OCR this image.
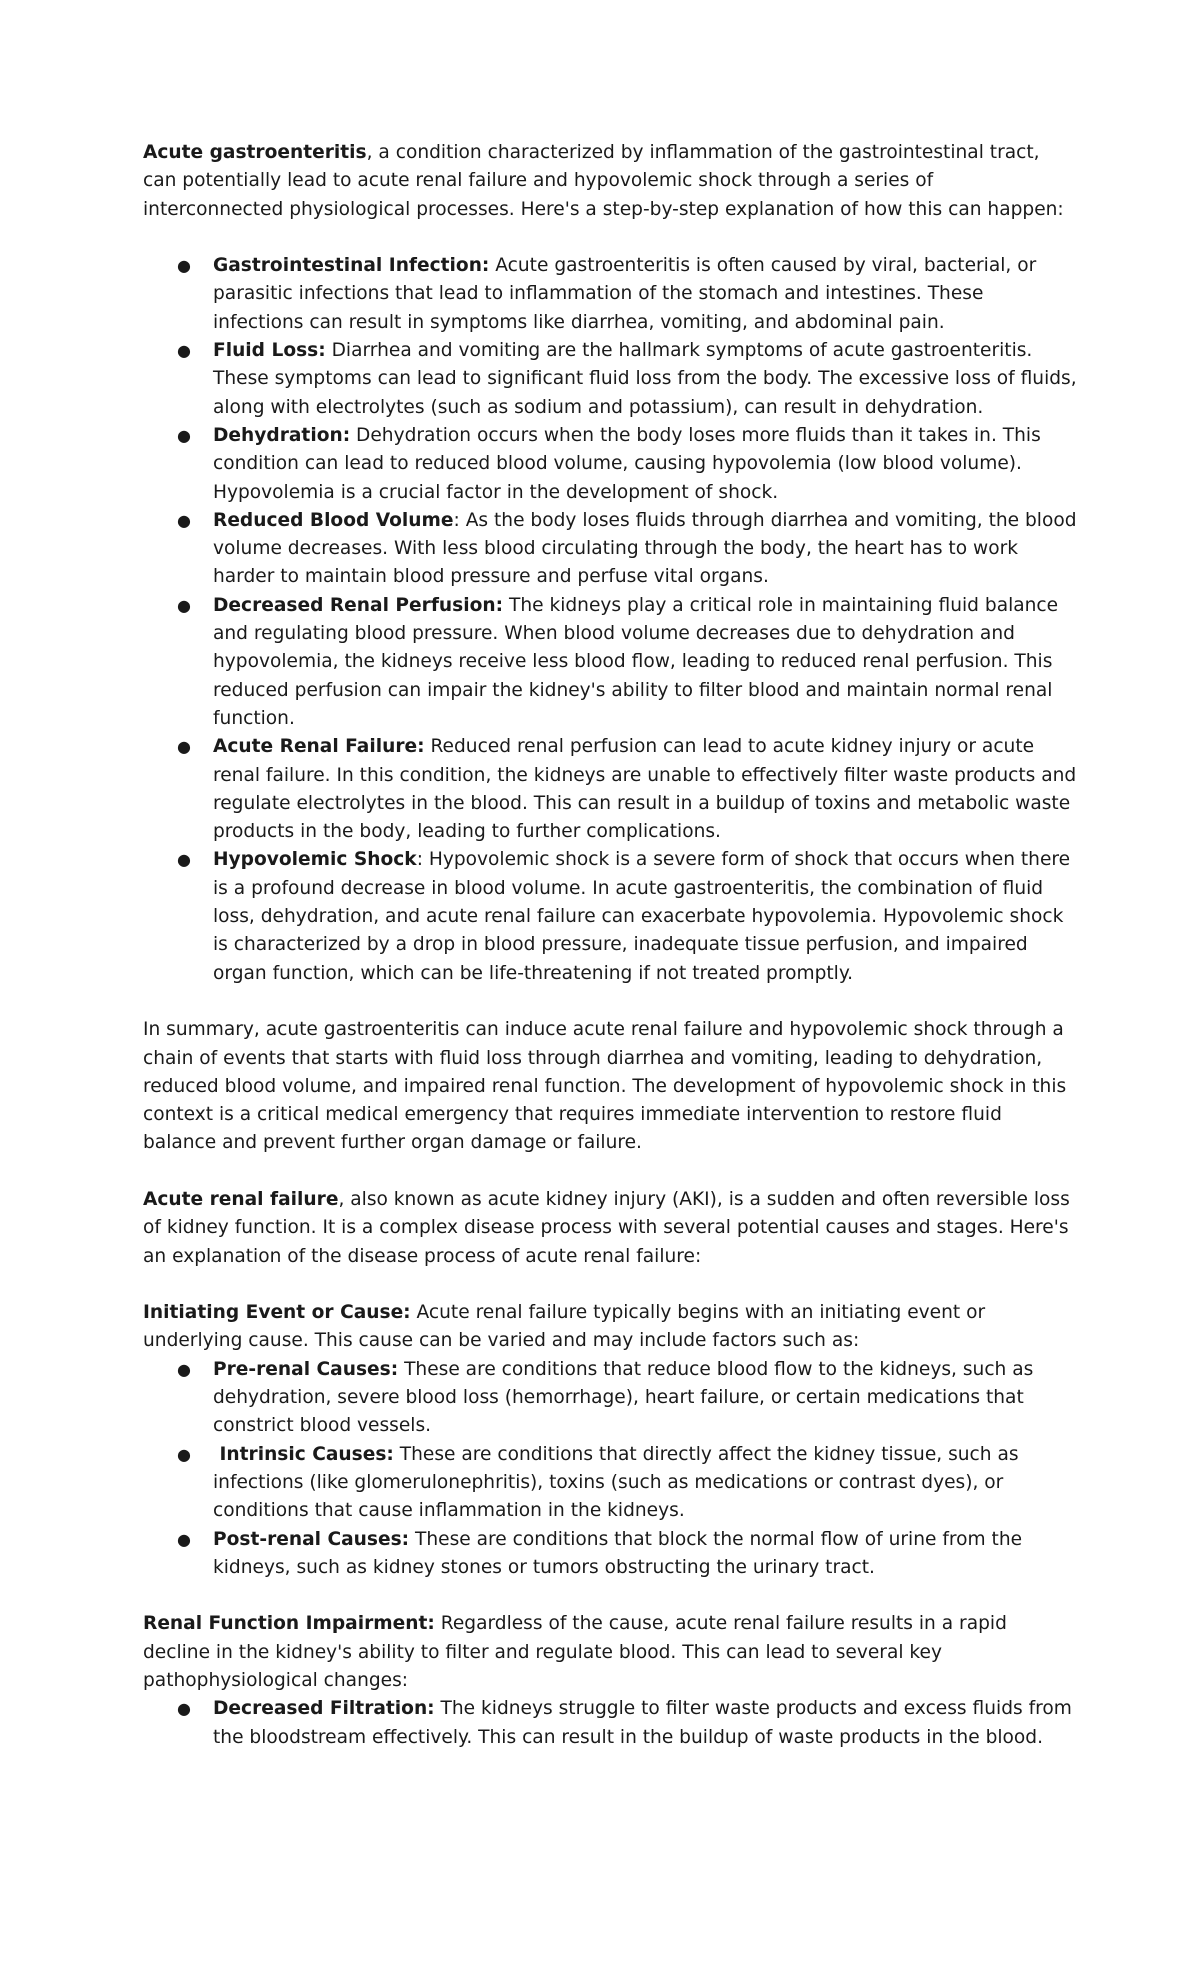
Acute gastroenteritis, a condition characterized by inflammation of the gastrointestinal tract, can potentially lead to acute renal failure and hypovolemic shock through a series of interconnected physiological processes. Here's a step-by-step explanation of how this can happen:

● Gastrointestinal Infection: Acute gastroenteritis is often caused by viral, bacterial, or parasitic infections that lead to inflammation of the stomach and intestines. These infections can result in symptoms like diarrhea, vomiting, and abdominal pain.
● Fluid Loss: Diarrhea and vomiting are the hallmark symptoms of acute gastroenteritis. These symptoms can lead to significant fluid loss from the body. The excessive loss of fluids, along with electrolytes (such as sodium and potassium), can result in dehydration.
● Dehydration: Dehydration occurs when the body loses more fluids than it takes in. This condition can lead to reduced blood volume, causing hypovolemia (low blood volume). Hypovolemia is a crucial factor in the development of shock.
● Reduced Blood Volume: As the body loses fluids through diarrhea and vomiting, the blood volume decreases. With less blood circulating through the body, the heart has to work harder to maintain blood pressure and perfuse vital organs.
● Decreased Renal Perfusion: The kidneys play a critical role in maintaining fluid balance and regulating blood pressure. When blood volume decreases due to dehydration and hypovolemia, the kidneys receive less blood flow, leading to reduced renal perfusion. This reduced perfusion can impair the kidney's ability to filter blood and maintain normal renal function.
● Acute Renal Failure: Reduced renal perfusion can lead to acute kidney injury or acute renal failure. In this condition, the kidneys are unable to effectively filter waste products and regulate electrolytes in the blood. This can result in a buildup of toxins and metabolic waste products in the body, leading to further complications.
● Hypovolemic Shock: Hypovolemic shock is a severe form of shock that occurs when there is a profound decrease in blood volume. In acute gastroenteritis, the combination of fluid loss, dehydration, and acute renal failure can exacerbate hypovolemia. Hypovolemic shock is characterized by a drop in blood pressure, inadequate tissue perfusion, and impaired organ function, which can be life-threatening if not treated promptly.

In summary, acute gastroenteritis can induce acute renal failure and hypovolemic shock through a chain of events that starts with fluid loss through diarrhea and vomiting, leading to dehydration, reduced blood volume, and impaired renal function. The development of hypovolemic shock in this context is a critical medical emergency that requires immediate intervention to restore fluid balance and prevent further organ damage or failure.

Acute renal failure, also known as acute kidney injury (AKI), is a sudden and often reversible loss of kidney function. It is a complex disease process with several potential causes and stages. Here's an explanation of the disease process of acute renal failure:

Initiating Event or Cause: Acute renal failure typically begins with an initiating event or underlying cause. This cause can be varied and may include factors such as:

● Pre-renal Causes: These are conditions that reduce blood flow to the kidneys, such as dehydration, severe blood loss (hemorrhage), heart failure, or certain medications that constrict blood vessels.
● Intrinsic Causes: These are conditions that directly affect the kidney tissue, such as infections (like glomerulonephritis), toxins (such as medications or contrast dyes), or conditions that cause inflammation in the kidneys.
● Post-renal Causes: These are conditions that block the normal flow of urine from the kidneys, such as kidney stones or tumors obstructing the urinary tract.

Renal Function Impairment: Regardless of the cause, acute renal failure results in a rapid decline in the kidney's ability to filter and regulate blood. This can lead to several key pathophysiological changes:

● Decreased Filtration: The kidneys struggle to filter waste products and excess fluids from the bloodstream effectively. This can result in the buildup of waste products in the blood.
